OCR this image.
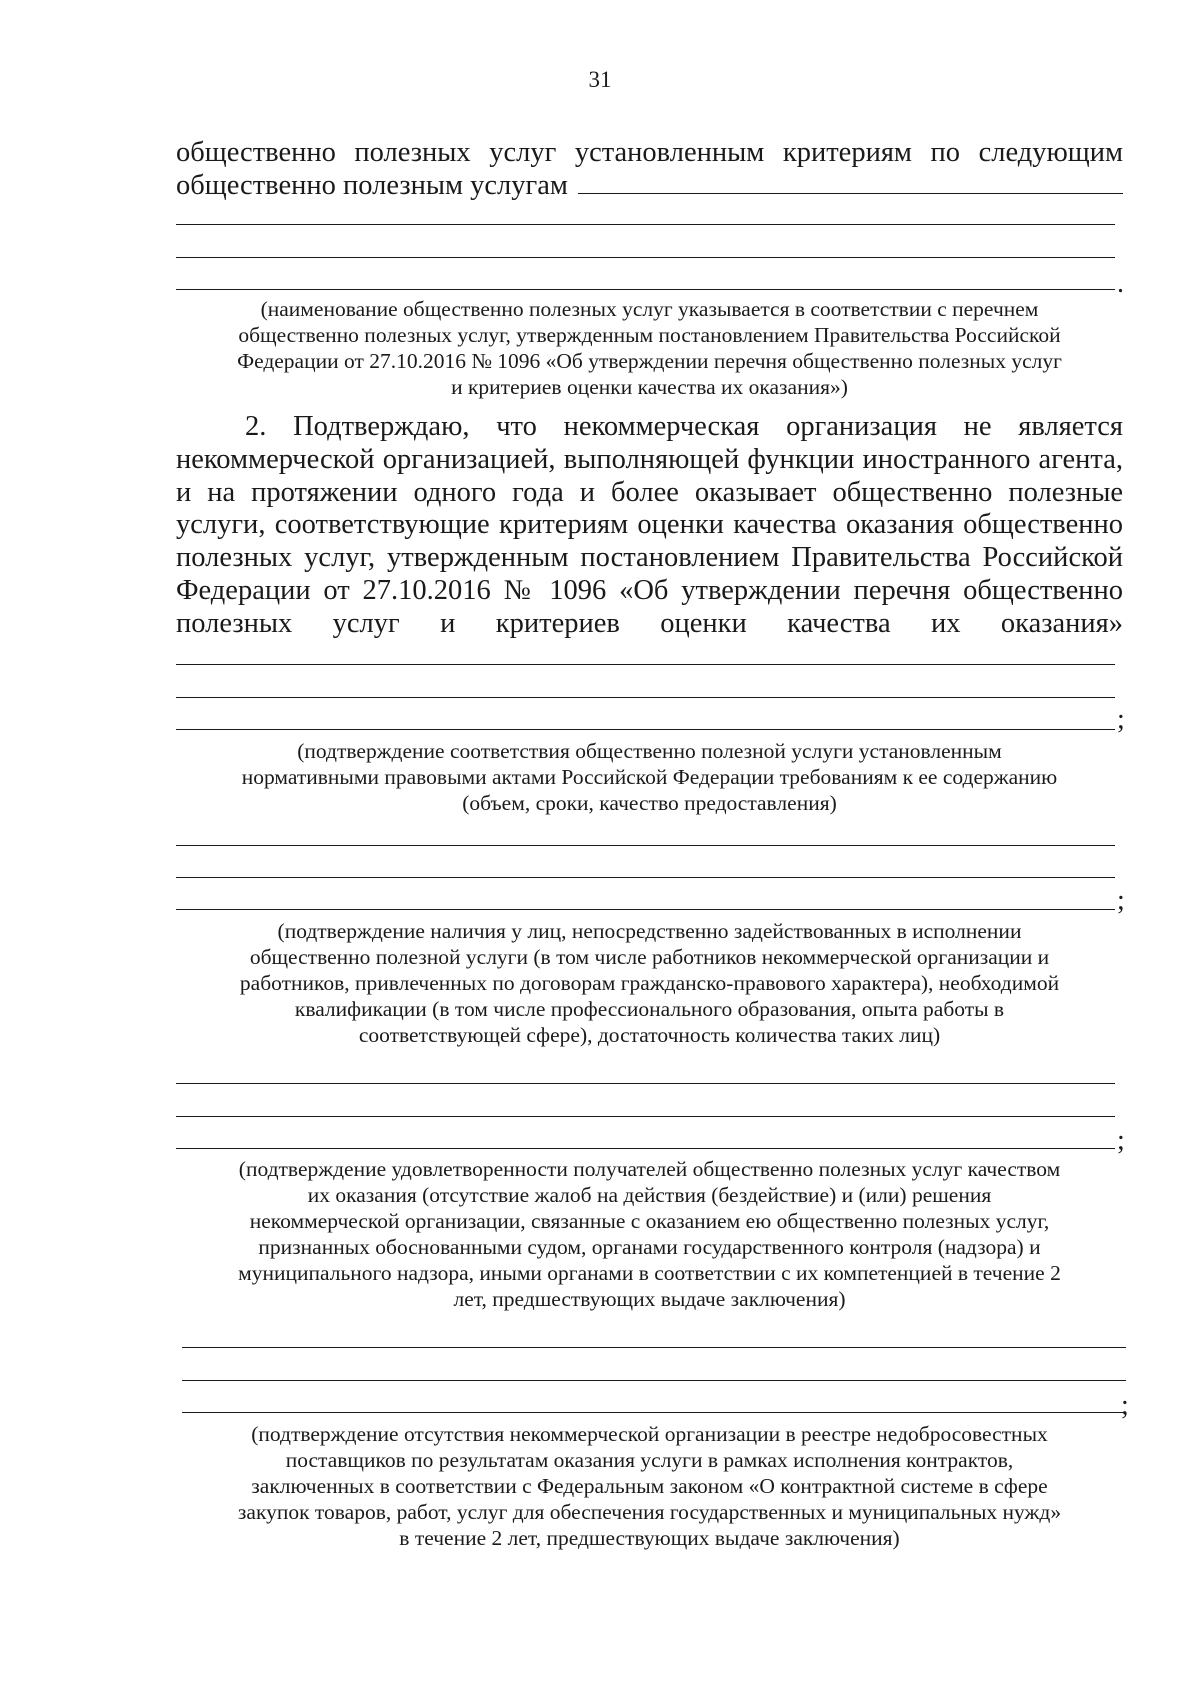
31
общественно полезных услуг установленным критериям по следующим
общественно полезным услугам
.
(наименование общественно полезных услуг указывается в соответствии с перечнем
общественно полезных услуг, утвержденным постановлением Правительства Российской
Федерации от 27.10.2016 № 1096 «Об утверждении перечня общественно полезных услуг
и критериев оценки качества их оказания»)
2. Подтверждаю, что некоммерческая организация не является
некоммерческой организацией, выполняющей функции иностранного агента,
и на протяжении одного года и более оказывает общественно полезные
услуги, соответствующие критериям оценки качества оказания общественно
полезных услуг, утвержденным постановлением Правительства Российской
Федерации от 27.10.2016 № 1096 «Об утверждении перечня общественно
полезных услуг и критериев оценки качества их оказания»
;
(подтверждение соответствия общественно полезной услуги установленным
нормативными правовыми актами Российской Федерации требованиям к ее содержанию
(объем, сроки, качество предоставления)
;
(подтверждение наличия у лиц, непосредственно задействованных в исполнении
общественно полезной услуги (в том числе работников некоммерческой организации и
работников, привлеченных по договорам гражданско-правового характера), необходимой
квалификации (в том числе профессионального образования, опыта работы в
соответствующей сфере), достаточность количества таких лиц)
;
(подтверждение удовлетворенности получателей общественно полезных услуг качеством
их оказания (отсутствие жалоб на действия (бездействие) и (или) решения
некоммерческой организации, связанные с оказанием ею общественно полезных услуг,
признанных обоснованными судом, органами государственного контроля (надзора) и
муниципального надзора, иными органами в соответствии с их компетенцией в течение 2
лет, предшествующих выдаче заключения)
;
(подтверждение отсутствия некоммерческой организации в реестре недобросовестных
поставщиков по результатам оказания услуги в рамках исполнения контрактов,
заключенных в соответствии с Федеральным законом «О контрактной системе в сфере
закупок товаров, работ, услуг для обеспечения государственных и муниципальных нужд»
в течение 2 лет, предшествующих выдаче заключения)
